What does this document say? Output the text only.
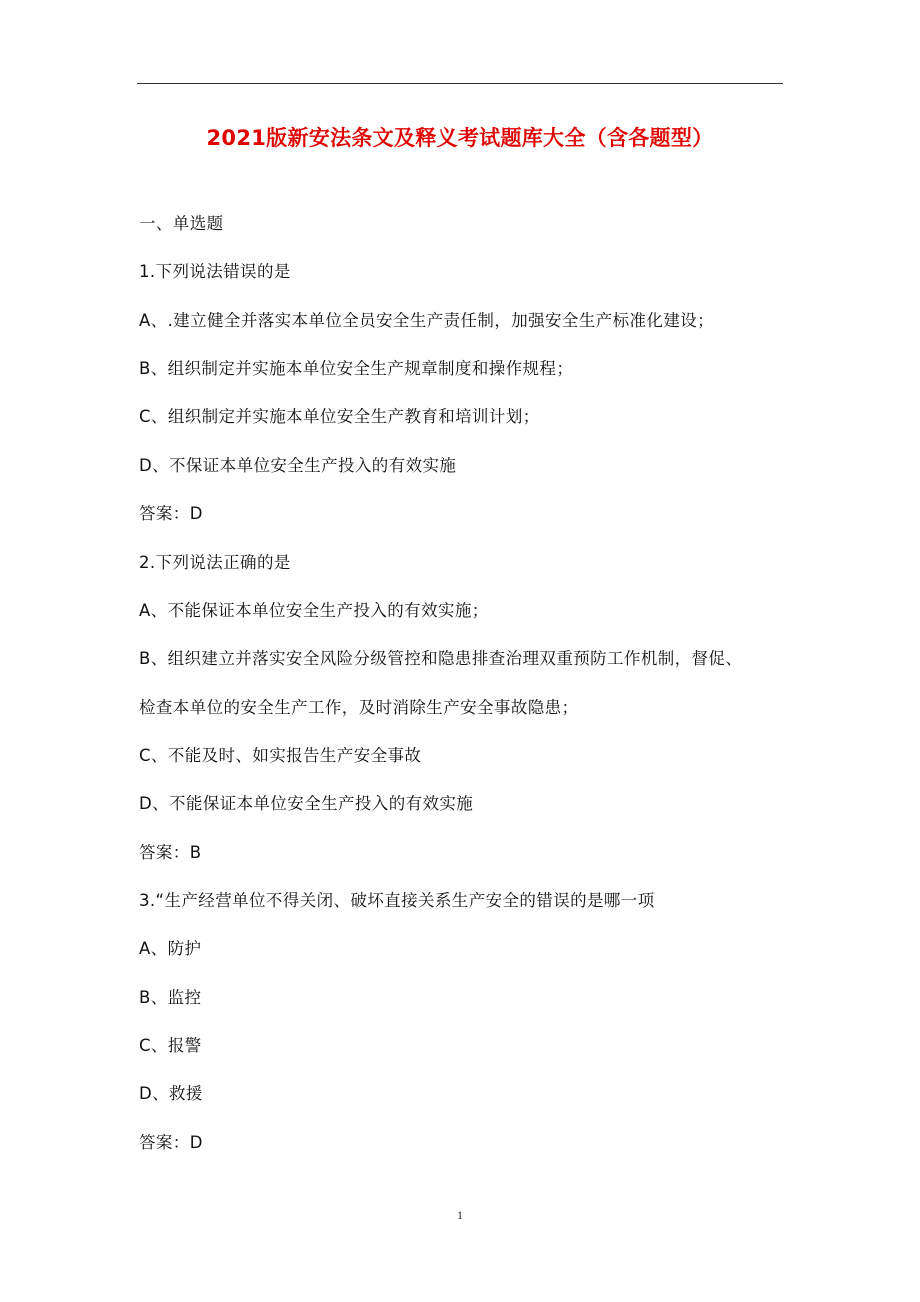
2021版新安法条文及释义考试题库大全（含各题型）
一、单选题
1.下列说法错误的是
A、.建立健全并落实本单位全员安全生产责任制，加强安全生产标准化建设；
B、组织制定并实施本单位安全生产规章制度和操作规程；
C、组织制定并实施本单位安全生产教育和培训计划；
D、不保证本单位安全生产投入的有效实施
答案：D
2.下列说法正确的是
A、不能保证本单位安全生产投入的有效实施；
B、组织建立并落实安全风险分级管控和隐患排查治理双重预防工作机制，督促、
检查本单位的安全生产工作，及时消除生产安全事故隐患；
C、不能及时、如实报告生产安全事故
D、不能保证本单位安全生产投入的有效实施
答案：B
3.“生产经营单位不得关闭、破坏直接关系生产安全的错误的是哪一项
A、防护
B、监控
C、报警
D、救援
答案：D
1
